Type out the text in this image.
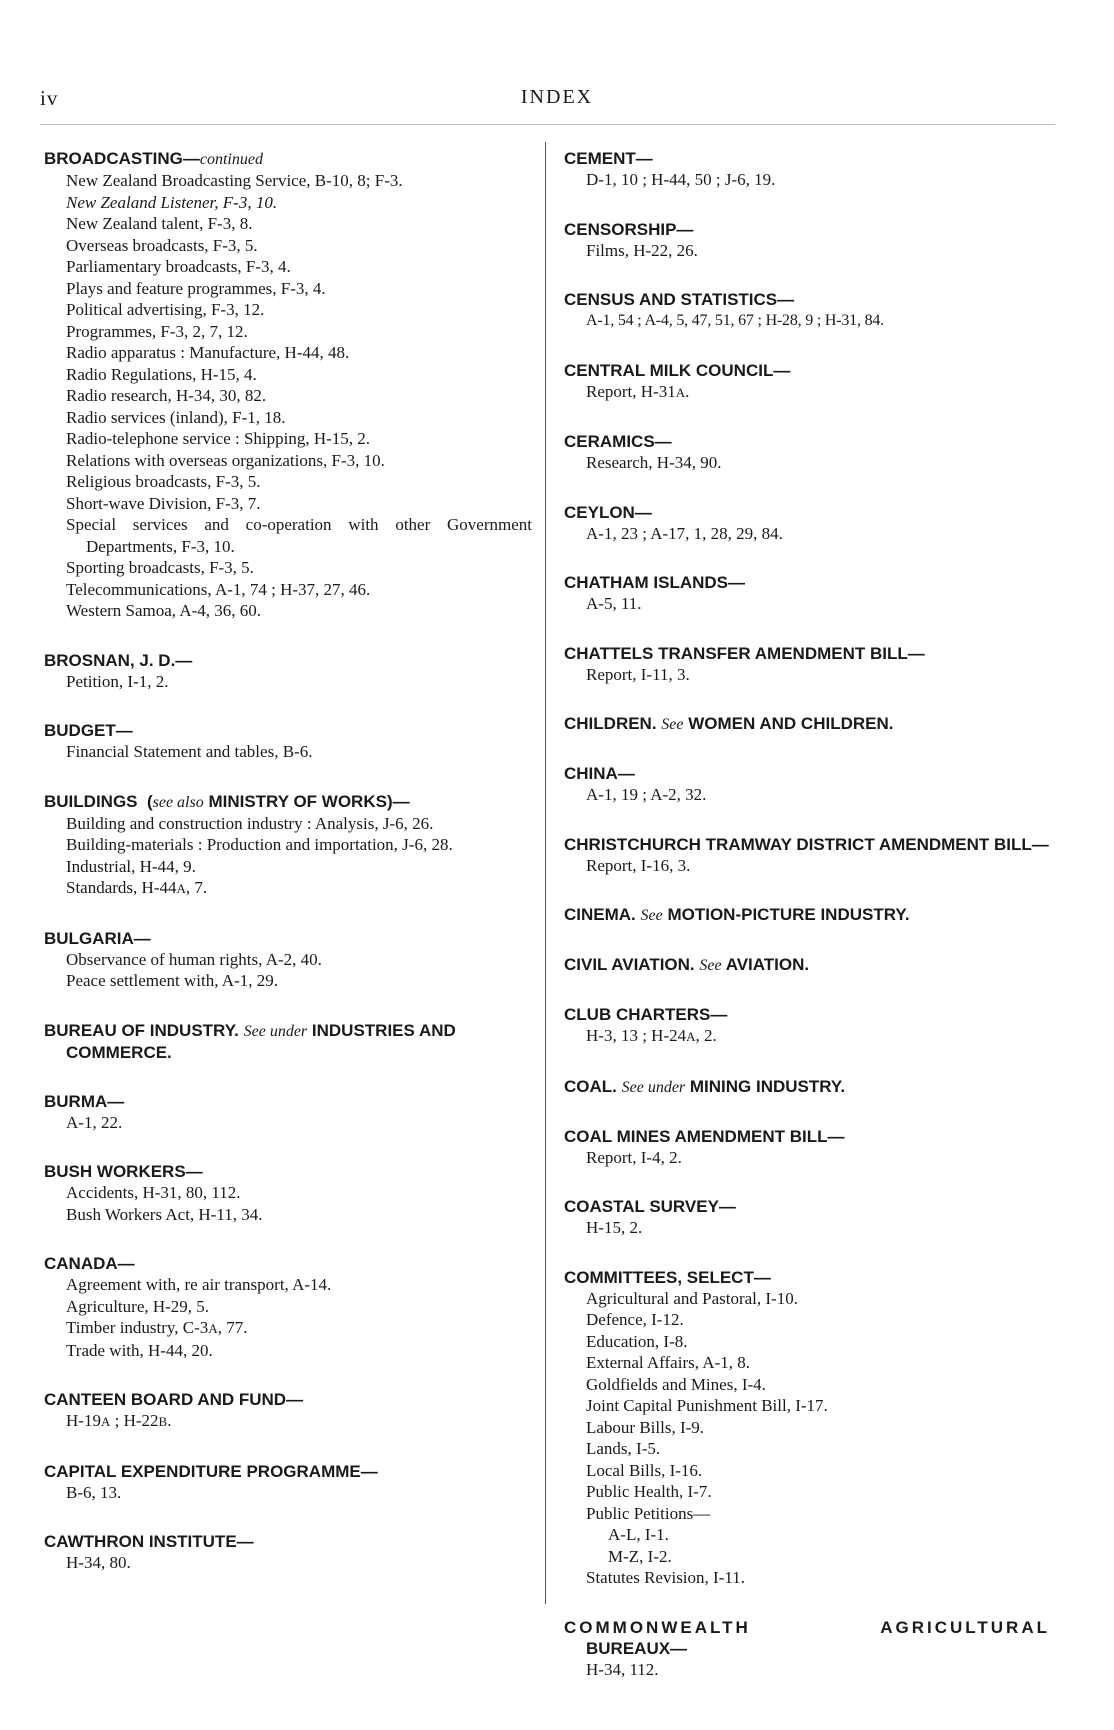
iv	INDEX
BROADCASTING—continued
New Zealand Broadcasting Service, B-10, 8; F-3.
New Zealand Listener, F-3, 10.
New Zealand talent, F-3, 8.
Overseas broadcasts, F-3, 5.
Parliamentary broadcasts, F-3, 4.
Plays and feature programmes, F-3, 4.
Political advertising, F-3, 12.
Programmes, F-3, 2, 7, 12.
Radio apparatus : Manufacture, H-44, 48.
Radio Regulations, H-15, 4.
Radio research, H-34, 30, 82.
Radio services (inland), F-1, 18.
Radio-telephone service : Shipping, H-15, 2.
Relations with overseas organizations, F-3, 10.
Religious broadcasts, F-3, 5.
Short-wave Division, F-3, 7.
Special services and co-operation with other Government Departments, F-3, 10.
Sporting broadcasts, F-3, 5.
Telecommunications, A-1, 74 ; H-37, 27, 46.
Western Samoa, A-4, 36, 60.
BROSNAN, J. D.—
Petition, I-1, 2.
BUDGET—
Financial Statement and tables, B-6.
BUILDINGS  (see also MINISTRY OF WORKS)—
Building and construction industry : Analysis, J-6, 26.
Building-materials : Production and importation, J-6, 28.
Industrial, H-44, 9.
Standards, H-44A, 7.
BULGARIA—
Observance of human rights, A-2, 40.
Peace settlement with, A-1, 29.
BUREAU OF INDUSTRY. See under INDUSTRIES AND COMMERCE.
BURMA—
A-1, 22.
BUSH WORKERS—
Accidents, H-31, 80, 112.
Bush Workers Act, H-11, 34.
CANADA—
Agreement with, re air transport, A-14.
Agriculture, H-29, 5.
Timber industry, C-3A, 77.
Trade with, H-44, 20.
CANTEEN BOARD AND FUND—
H-19A ; H-22B.
CAPITAL EXPENDITURE PROGRAMME—
B-6, 13.
CAWTHRON INSTITUTE—
H-34, 80.
CEMENT—
D-1, 10 ; H-44, 50 ; J-6, 19.
CENSORSHIP—
Films, H-22, 26.
CENSUS AND STATISTICS—
A-1, 54 ; A-4, 5, 47, 51, 67 ; H-28, 9 ; H-31, 84.
CENTRAL MILK COUNCIL—
Report, H-31A.
CERAMICS—
Research, H-34, 90.
CEYLON—
A-1, 23 ; A-17, 1, 28, 29, 84.
CHATHAM ISLANDS—
A-5, 11.
CHATTELS TRANSFER AMENDMENT BILL—
Report, I-11, 3.
CHILDREN. See WOMEN AND CHILDREN.
CHINA—
A-1, 19 ; A-2, 32.
CHRISTCHURCH TRAMWAY DISTRICT AMENDMENT BILL—
Report, I-16, 3.
CINEMA. See MOTION-PICTURE INDUSTRY.
CIVIL AVIATION. See AVIATION.
CLUB CHARTERS—
H-3, 13 ; H-24A, 2.
COAL. See under MINING INDUSTRY.
COAL MINES AMENDMENT BILL—
Report, I-4, 2.
COASTAL SURVEY—
H-15, 2.
COMMITTEES, SELECT—
Agricultural and Pastoral, I-10.
Defence, I-12.
Education, I-8.
External Affairs, A-1, 8.
Goldfields and Mines, I-4.
Joint Capital Punishment Bill, I-17.
Labour Bills, I-9.
Lands, I-5.
Local Bills, I-16.
Public Health, I-7.
Public Petitions—
A-L, I-1.
M-Z, I-2.
Statutes Revision, I-11.
COMMONWEALTH	AGRICULTURAL
BUREAUX—
H-34, 112.
